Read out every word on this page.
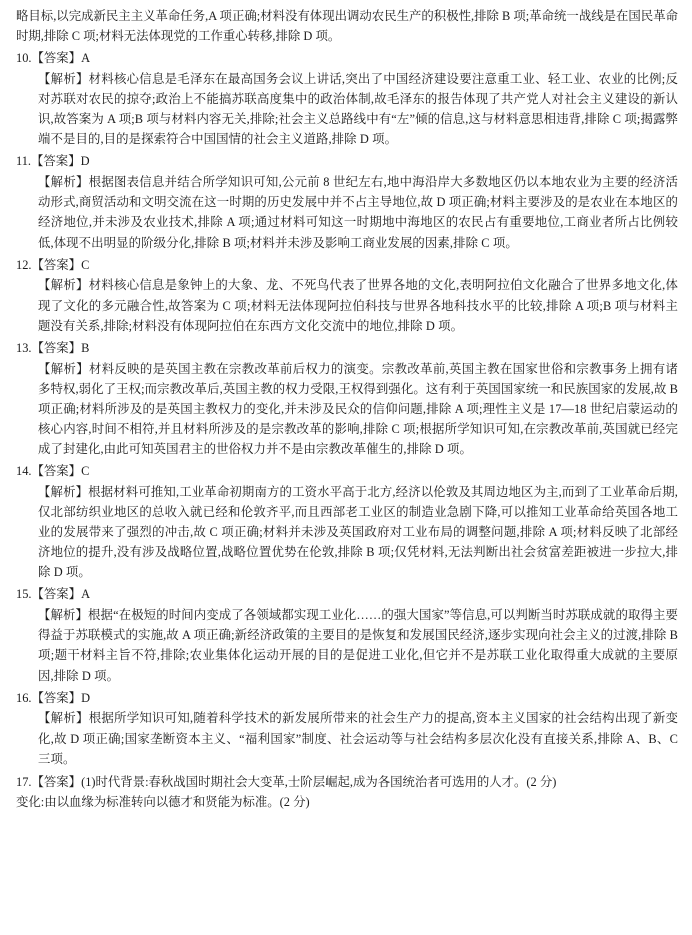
略目标,以完成新民主主义革命任务,A 项正确;材料没有体现出调动农民生产的积极性,排除 B 项;革命统一战线是在国民革命时期,排除 C 项;材料无法体现党的工作重心转移,排除 D 项。

10.【答案】A

【解析】材料核心信息是毛泽东在最高国务会议上讲话,突出了中国经济建设要注意重工业、轻工业、农业的比例;反对苏联对农民的掠夺;政治上不能搞苏联高度集中的政治体制,故毛泽东的报告体现了共产党人对社会主义建设的新认识,故答案为 A 项;B 项与材料内容无关,排除;社会主义总路线中有“左”倾的信息,这与材料意思相违背,排除 C 项;揭露弊端不是目的,目的是探索符合中国国情的社会主义道路,排除 D 项。

11.【答案】D

【解析】根据图表信息并结合所学知识可知,公元前 8 世纪左右,地中海沿岸大多数地区仍以本地农业为主要的经济活动形式,商贸活动和文明交流在这一时期的历史发展中并不占主导地位,故 D 项正确;材料主要涉及的是农业在本地区的经济地位,并未涉及农业技术,排除 A 项;通过材料可知这一时期地中海地区的农民占有重要地位,工商业者所占比例较低,体现不出明显的阶级分化,排除 B 项;材料并未涉及影响工商业发展的因素,排除 C 项。

12.【答案】C

【解析】材料核心信息是象钟上的大象、龙、不死鸟代表了世界各地的文化,表明阿拉伯文化融合了世界多地文化,体现了文化的多元融合性,故答案为 C 项;材料无法体现阿拉伯科技与世界各地科技水平的比较,排除 A 项;B 项与材料主题没有关系,排除;材料没有体现阿拉伯在东西方文化交流中的地位,排除 D 项。

13.【答案】B

【解析】材料反映的是英国主教在宗教改革前后权力的演变。宗教改革前,英国主教在国家世俗和宗教事务上拥有诸多特权,弱化了王权;而宗教改革后,英国主教的权力受限,王权得到强化。这有利于英国国家统一和民族国家的发展,故 B 项正确;材料所涉及的是英国主教权力的变化,并未涉及民众的信仰问题,排除 A 项;理性主义是 17—18 世纪启蒙运动的核心内容,时间不相符,并且材料所涉及的是宗教改革的影响,排除 C 项;根据所学知识可知,在宗教改革前,英国就已经完成了封建化,由此可知英国君主的世俗权力并不是由宗教改革催生的,排除 D 项。

14.【答案】C

【解析】根据材料可推知,工业革命初期南方的工资水平高于北方,经济以伦敦及其周边地区为主,而到了工业革命后期,仅北部纺织业地区的总收入就已经和伦敦齐平,而且西部老工业区的制造业急剧下降,可以推知工业革命给英国各地工业的发展带来了强烈的冲击,故 C 项正确;材料并未涉及英国政府对工业布局的调整问题,排除 A 项;材料反映了北部经济地位的提升,没有涉及战略位置,战略位置优势在伦敦,排除 B 项;仅凭材料,无法判断出社会贫富差距被进一步拉大,排除 D 项。

15.【答案】A

【解析】根据“在极短的时间内变成了各领域都实现工业化……的强大国家”等信息,可以判断当时苏联成就的取得主要得益于苏联模式的实施,故 A 项正确;新经济政策的主要目的是恢复和发展国民经济,逐步实现向社会主义的过渡,排除 B 项;题干材料主旨不符,排除;农业集体化运动开展的目的是促进工业化,但它并不是苏联工业化取得重大成就的主要原因,排除 D 项。

16.【答案】D

【解析】根据所学知识可知,随着科学技术的新发展所带来的社会生产力的提高,资本主义国家的社会结构出现了新变化,故 D 项正确;国家垄断资本主义、“福利国家”制度、社会运动等与社会结构多层次化没有直接关系,排除 A、B、C 三项。

17.【答案】(1)时代背景:春秋战国时期社会大变革,士阶层崛起,成为各国统治者可选用的人才。(2 分)

变化:由以血缘为标准转向以德才和贤能为标准。(2 分)
